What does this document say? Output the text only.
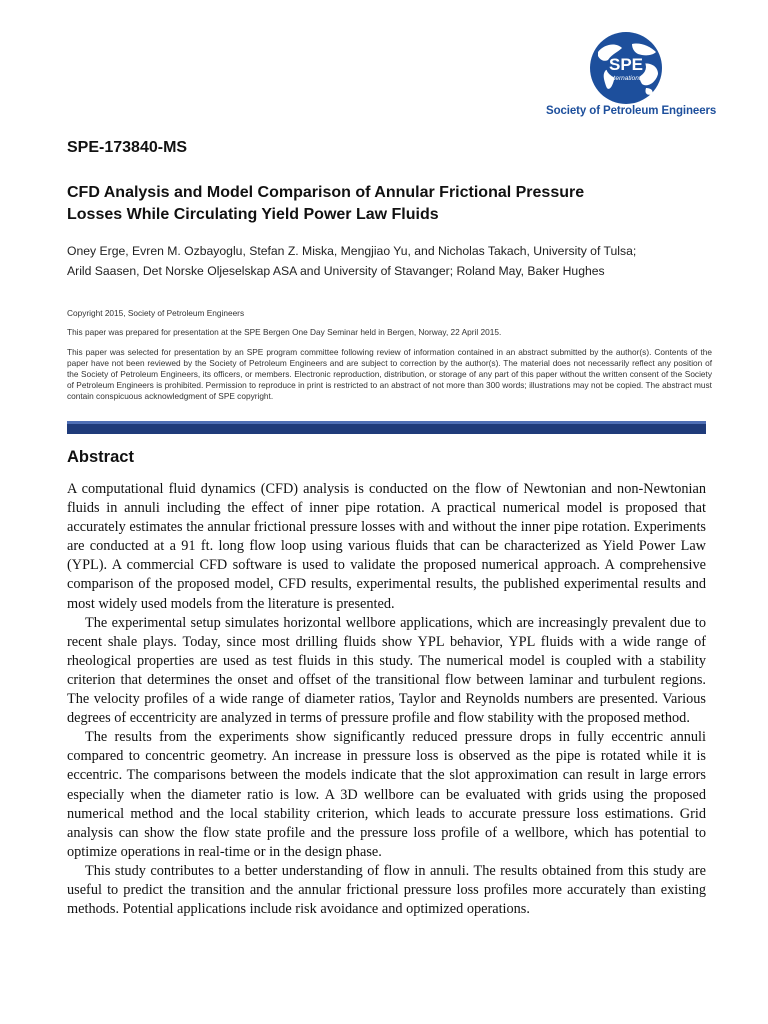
SPE
International
Society of Petroleum Engineers
SPE-173840-MS
CFD Analysis and Model Comparison of Annular Frictional Pressure
Losses While Circulating Yield Power Law Fluids
Oney Erge, Evren M. Ozbayoglu, Stefan Z. Miska, Mengjiao Yu, and Nicholas Takach, University of Tulsa;
Arild Saasen, Det Norske Oljeselskap ASA and University of Stavanger; Roland May, Baker Hughes
Copyright 2015, Society of Petroleum Engineers
This paper was prepared for presentation at the SPE Bergen One Day Seminar held in Bergen, Norway, 22 April 2015.
This paper was selected for presentation by an SPE program committee following review of information contained in an abstract submitted by the author(s). Contents of the paper have not been reviewed by the Society of Petroleum Engineers and are subject to correction by the author(s). The material does not necessarily reflect any position of the Society of Petroleum Engineers, its officers, or members. Electronic reproduction, distribution, or storage of any part of this paper without the written consent of the Society of Petroleum Engineers is prohibited. Permission to reproduce in print is restricted to an abstract of not more than 300 words; illustrations may not be copied. The abstract must contain conspicuous acknowledgment of SPE copyright.
Abstract

A computational fluid dynamics (CFD) analysis is conducted on the flow of Newtonian and non-Newtonian fluids in annuli including the effect of inner pipe rotation. A practical numerical model is proposed that accurately estimates the annular frictional pressure losses with and without the inner pipe rotation. Experiments are conducted at a 91 ft. long flow loop using various fluids that can be characterized as Yield Power Law (YPL). A commercial CFD software is used to validate the proposed numerical approach. A comprehensive comparison of the proposed model, CFD results, experimental results, the published experimental results and most widely used models from the literature is presented.

The experimental setup simulates horizontal wellbore applications, which are increasingly prevalent due to recent shale plays. Today, since most drilling fluids show YPL behavior, YPL fluids with a wide range of rheological properties are used as test fluids in this study. The numerical model is coupled with a stability criterion that determines the onset and offset of the transitional flow between laminar and turbulent regions. The velocity profiles of a wide range of diameter ratios, Taylor and Reynolds numbers are presented. Various degrees of eccentricity are analyzed in terms of pressure profile and flow stability with the proposed method.

The results from the experiments show significantly reduced pressure drops in fully eccentric annuli compared to concentric geometry. An increase in pressure loss is observed as the pipe is rotated while it is eccentric. The comparisons between the models indicate that the slot approximation can result in large errors especially when the diameter ratio is low. A 3D wellbore can be evaluated with grids using the proposed numerical method and the local stability criterion, which leads to accurate pressure loss estimations. Grid analysis can show the flow state profile and the pressure loss profile of a wellbore, which has potential to optimize operations in real-time or in the design phase.

This study contributes to a better understanding of flow in annuli. The results obtained from this study are useful to predict the transition and the annular frictional pressure loss profiles more accurately than existing methods. Potential applications include risk avoidance and optimized operations.
